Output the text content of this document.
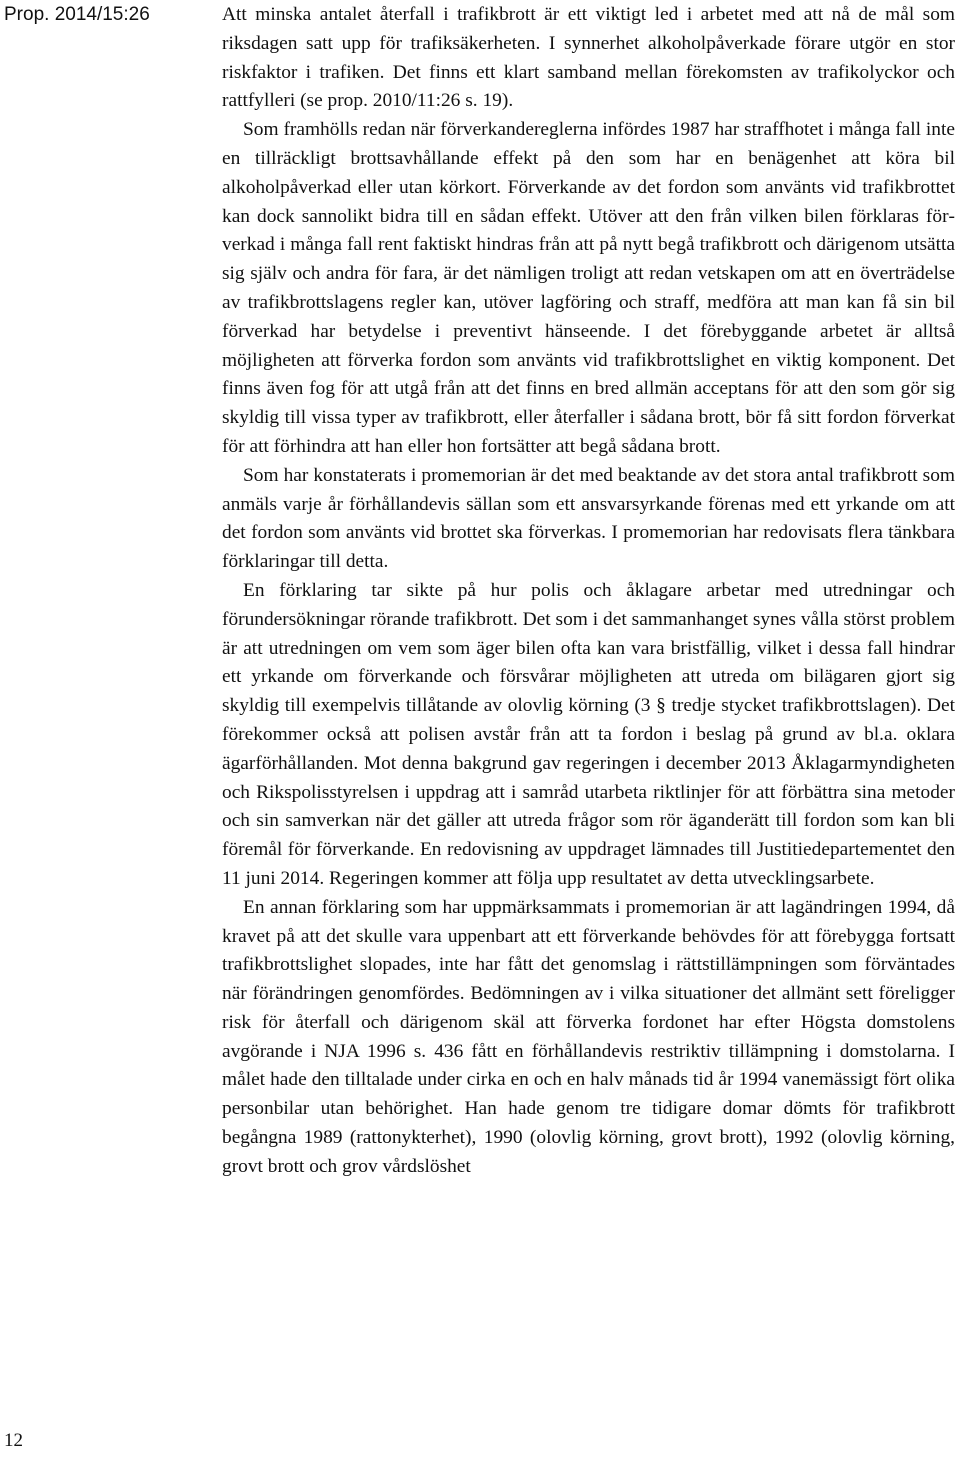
Prop. 2014/15:26	Att minska antalet återfall i trafikbrott är ett viktigt led i arbetet med att nå de mål som riksdagen satt upp för trafiksäkerheten. I synnerhet alkoholpåverkade förare utgör en stor riskfaktor i trafiken. Det finns ett klart samband mellan förekomsten av trafikolyckor och rattfylleri (se prop. 2010/11:26 s. 19).

Som framhölls redan när förverkandereglerna infördes 1987 har straffhotet i många fall inte en tillräckligt brottsavhållande effekt på den som har en benägenhet att köra bil alkoholpåverkad eller utan körkort. Förverkande av det fordon som använts vid trafikbrottet kan dock sannolikt bidra till en sådan effekt. Utöver att den från vilken bilen förklaras förverkad i många fall rent faktiskt hindras från att på nytt begå trafikbrott och därigenom utsätta sig själv och andra för fara, är det nämligen troligt att redan vetskapen om att en överträdelse av trafikbrottslagens regler kan, utöver lagföring och straff, medföra att man kan få sin bil förverkad har betydelse i preventivt hänseende. I det förebyggande arbetet är alltså möjligheten att förverka fordon som använts vid trafikbrottslighet en viktig komponent. Det finns även fog för att utgå från att det finns en bred allmän acceptans för att den som gör sig skyldig till vissa typer av trafikbrott, eller återfaller i sådana brott, bör få sitt fordon förverkat för att förhindra att han eller hon fortsätter att begå sådana brott.

Som har konstaterats i promemorian är det med beaktande av det stora antal trafikbrott som anmäls varje år förhållandevis sällan som ett ansvarsyrkande förenas med ett yrkande om att det fordon som använts vid brottet ska förverkas. I promemorian har redovisats flera tänkbara förklaringar till detta.

En förklaring tar sikte på hur polis och åklagare arbetar med utredningar och förundersökningar rörande trafikbrott. Det som i det sammanhanget synes vålla störst problem är att utredningen om vem som äger bilen ofta kan vara bristfällig, vilket i dessa fall hindrar ett yrkande om förverkande och försvårar möjligheten att utreda om bilägaren gjort sig skyldig till exempelvis tillåtande av olovlig körning (3 § tredje stycket trafikbrottslagen). Det förekommer också att polisen avstår från att ta fordon i beslag på grund av bl.a. oklara ägarförhållanden. Mot denna bakgrund gav regeringen i december 2013 Åklagarmyndigheten och Rikspolisstyrelsen i uppdrag att i samråd utarbeta riktlinjer för att förbättra sina metoder och sin samverkan när det gäller att utreda frågor som rör äganderätt till fordon som kan bli föremål för förverkande. En redovisning av uppdraget lämnades till Justitiedepartementet den 11 juni 2014. Regeringen kommer att följa upp resultatet av detta utvecklingsarbete.

En annan förklaring som har uppmärksammats i promemorian är att lagändringen 1994, då kravet på att det skulle vara uppenbart att ett förverkande behövdes för att förebygga fortsatt trafikbrottslighet slopades, inte har fått det genomslag i rättstillämpningen som förväntades när förändringen genomfördes. Bedömningen av i vilka situationer det allmänt sett föreligger risk för återfall och därigenom skäl att förverka fordonet har efter Högsta domstolens avgörande i NJA 1996 s. 436 fått en förhållandevis restriktiv tillämpning i domstolarna. I målet hade den tilltalade under cirka en och en halv månads tid år 1994 vanemässigt fört olika personbilar utan behörighet. Han hade genom tre tidigare domar dömts för trafikbrott begångna 1989 (rattonykterhet), 1990 (olovlig körning, grovt brott), 1992 (olovlig körning, grovt brott och grov vårdslöshet

12
